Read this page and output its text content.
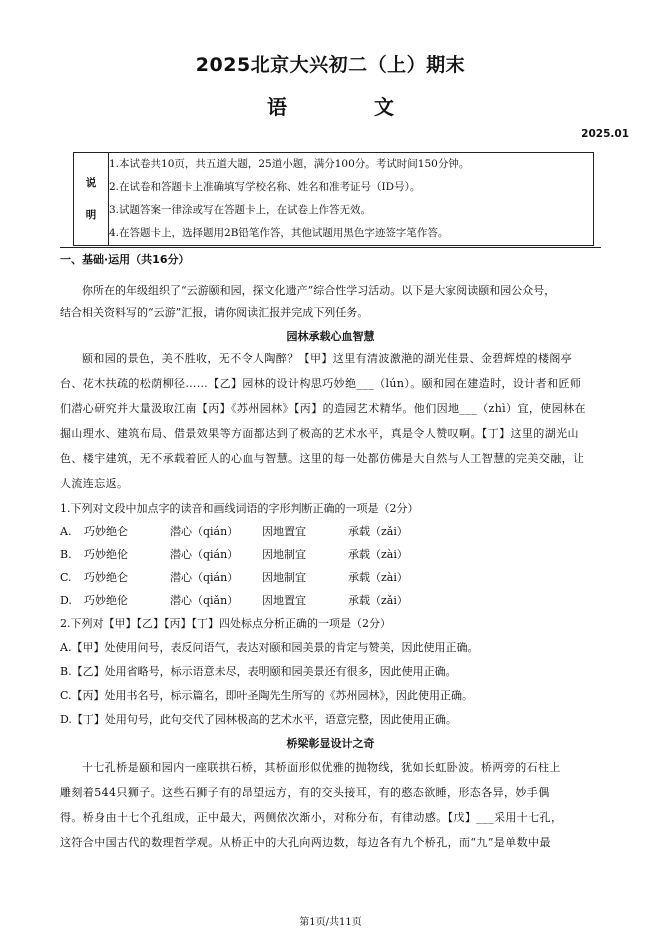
2025北京大兴初二（上）期末
语 文
2025.01
说
明

1.本试卷共10页，共五道大题，25道小题，满分100分。考试时间150分钟。
2.在试卷和答题卡上准确填写学校名称、姓名和准考证号（ID号）。
3.试题答案一律涂或写在答题卡上，在试卷上作答无效。
4.在答题卡上，选择题用2B铅笔作答，其他试题用黑色字迹签字笔作答。
一、基础·运用（共16分）
你所在的年级组织了“云游颐和园，探文化遗产”综合性学习活动。以下是大家阅读颐和园公众号，
结合相关资料写的“云游”汇报，请你阅读汇报并完成下列任务。
园林承载心血智慧
颐和园的景色，美不胜收，无不令人陶醉？【甲】这里有清波激滟的湖光佳景、金碧辉煌的楼阁亭
台、花木扶疏的松荫柳径……【乙】园林的设计构思巧妙绝___（lún）。颐和园在建造时，设计者和匠师
们潜心研究并大量汲取江南【丙】《苏州园林》【丙】的造园艺术精华。他们因地___（zhì）宜，使园林在
掘山理水、建筑布局、借景效果等方面都达到了极高的艺术水平，真是令人赞叹啊。【丁】这里的湖光山
色、楼宇建筑，无不承载着匠人的心血与智慧。这里的每一处都仿佛是大自然与人工智慧的完美交融，让
人流连忘返。
1.下列对文段中加点字的读音和画线词语的字形判断正确的一项是（2分）
A. 巧妙绝仑	潜心（qián） 因地置宜	承载（zǎi）
B. 巧妙绝伦	潜心（qián） 因地制宜	承载（zài）
C. 巧妙绝仑	潜心（qián） 因地制宜	承载（zài）
D. 巧妙绝伦	潜心（qiǎn） 因地置宜	承载（zǎi）
2.下列对【甲】【乙】【丙】【丁】四处标点分析正确的一项是（2分）
A.【甲】处使用问号，表反问语气，表达对颐和园美景的肯定与赞美，因此使用正确。
B.【乙】处用省略号，标示语意未尽，表明颐和园美景还有很多，因此使用正确。
C.【丙】处用书名号，标示篇名，即叶圣陶先生所写的《苏州园林》，因此使用正确。
D.【丁】处用句号，此句交代了园林极高的艺术水平，语意完整，因此使用正确。
桥梁彰显设计之奇
十七孔桥是颐和园内一座联拱石桥，其桥面形似优雅的抛物线，犹如长虹卧波。桥两旁的石柱上
雕刻着544只狮子。这些石狮子有的昂望远方，有的交头接耳，有的憨态欲睡，形态各异，妙手偶
得。桥身由十七个孔组成，正中最大，两侧依次渐小，对称分布，有律动感。【戊】___采用十七孔，
这符合中国古代的数理哲学观。从桥正中的大孔向两边数，每边各有九个桥孔，而“九”是单数中最
第1页/共11页
